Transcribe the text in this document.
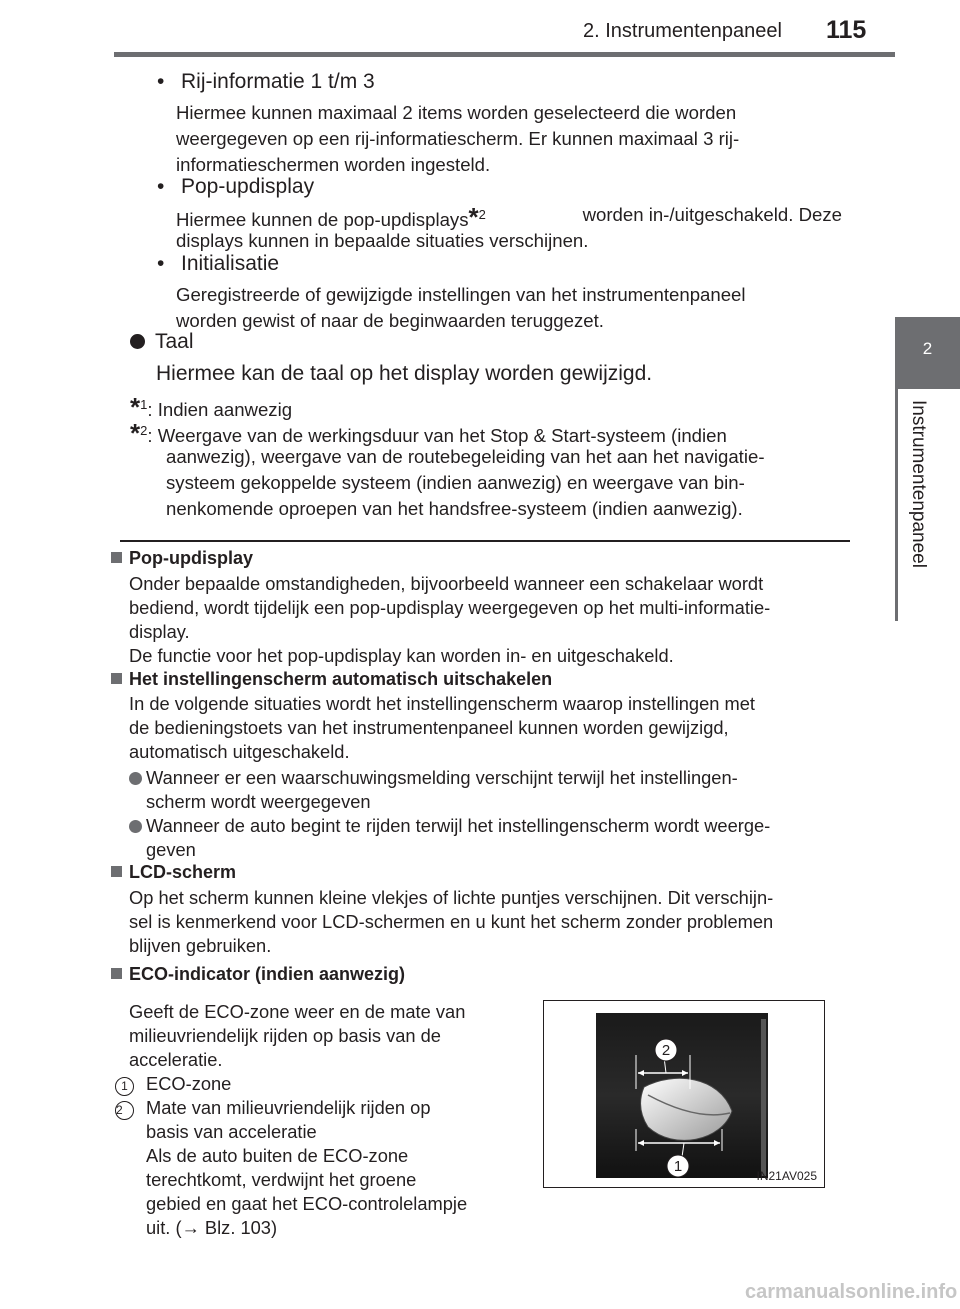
2. Instrumentenpaneel 115
2
Instrumentenpaneel
• Rij-informatie 1 t/m 3
Hiermee kunnen maximaal 2 items worden geselecteerd die worden
weergegeven op een rij-informatiescherm. Er kunnen maximaal 3 rij-
informatieschermen worden ingesteld.
• Pop-updisplay
Hiermee kunnen de pop-updisplays*$^2$	worden in-/uitgeschakeld. Deze
displays kunnen in bepaalde situaties verschijnen.
• Initialisatie
Geregistreerde of gewijzigde instellingen van het instrumentenpaneel
worden gewist of naar de beginwaarden teruggezet.
Taal
Hiermee kan de taal op het display worden gewijzigd.
*$^1$: Indien aanwezig
*$^2$: Weergave van de werkingsduur van het Stop & Start-systeem (indien
aanwezig), weergave van de routebegeleiding van het aan het navigatie-
systeem gekoppelde systeem (indien aanwezig) en weergave van bin-
nenkomende oproepen van het handsfree-systeem (indien aanwezig).
Pop-updisplay
Onder bepaalde omstandigheden, bijvoorbeeld wanneer een schakelaar wordt
bediend, wordt tijdelijk een pop-updisplay weergegeven op het multi-informatie-
display.
De functie voor het pop-updisplay kan worden in- en uitgeschakeld.
Het instellingenscherm automatisch uitschakelen
In de volgende situaties wordt het instellingenscherm waarop instellingen met
de bedieningstoets van het instrumentenpaneel kunnen worden gewijzigd,
automatisch uitgeschakeld.
Wanneer er een waarschuwingsmelding verschijnt terwijl het instellingen-
scherm wordt weergegeven
Wanneer de auto begint te rijden terwijl het instellingenscherm wordt weerge-
geven
LCD-scherm
Op het scherm kunnen kleine vlekjes of lichte puntjes verschijnen. Dit verschijn-
sel is kenmerkend voor LCD-schermen en u kunt het scherm zonder problemen
blijven gebruiken.
ECO-indicator (indien aanwezig)
Geeft de ECO-zone weer en de mate van
milieuvriendelijk rijden op basis van de
acceleratie.
1 ECO-zone
2 Mate van milieuvriendelijk rijden op
basis van acceleratie
Als de auto buiten de ECO-zone
terechtkomt, verdwijnt het groene
gebied en gaat het ECO-controlelampje
uit. (→ Blz. 103)
2
1
IN21AV025
carmanualsonline.info
